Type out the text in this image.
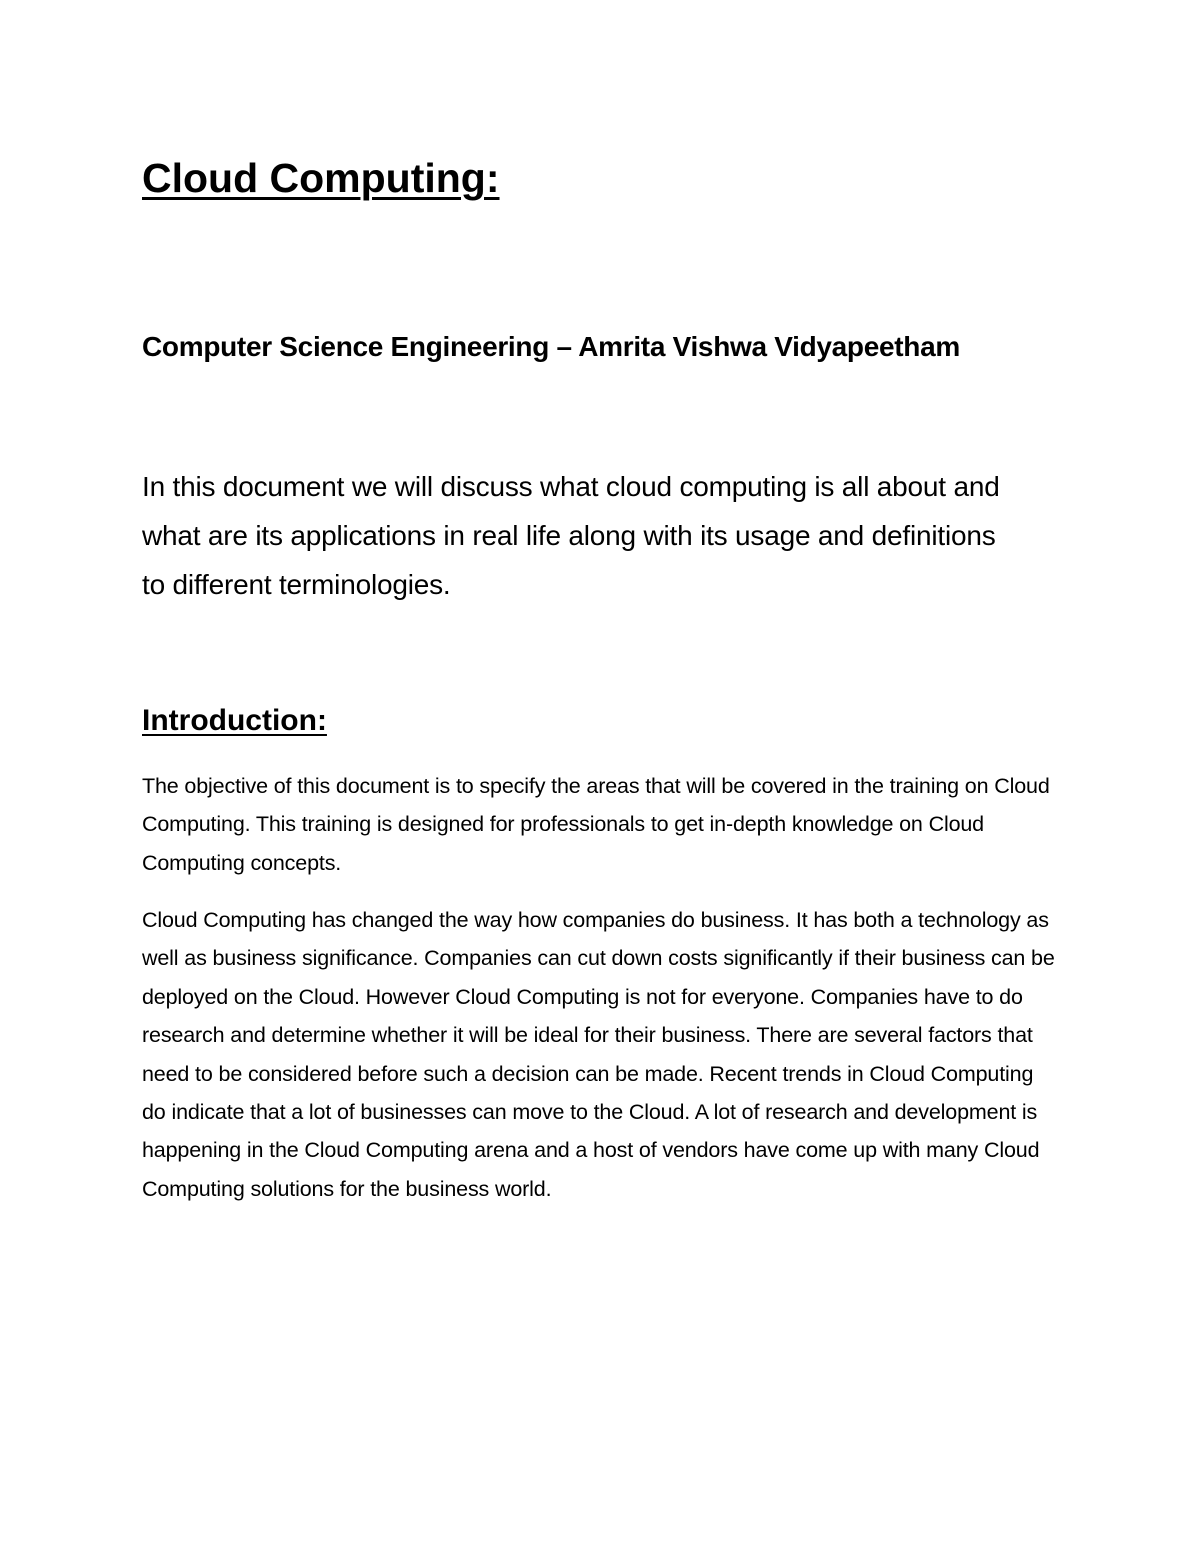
Cloud Computing:
Computer Science Engineering – Amrita Vishwa Vidyapeetham

In this document we will discuss what cloud computing is all about and what are its applications in real life along with its usage and definitions to different terminologies.

Introduction:

The objective of this document is to specify the areas that will be covered in the training on Cloud Computing. This training is designed for professionals to get in-depth knowledge on Cloud Computing concepts.

Cloud Computing has changed the way how companies do business. It has both a technology as well as business significance. Companies can cut down costs significantly if their business can be deployed on the Cloud. However Cloud Computing is not for everyone. Companies have to do research and determine whether it will be ideal for their business. There are several factors that need to be considered before such a decision can be made. Recent trends in Cloud Computing do indicate that a lot of businesses can move to the Cloud. A lot of research and development is happening in the Cloud Computing arena and a host of vendors have come up with many Cloud Computing solutions for the business world.
